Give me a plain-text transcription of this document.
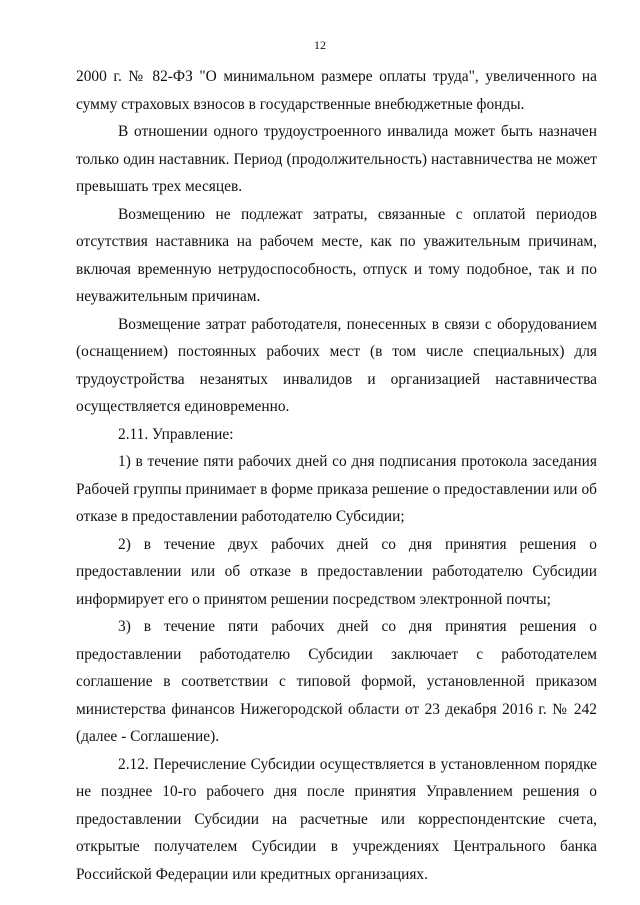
12

2000 г. № 82-ФЗ "О минимальном размере оплаты труда", увеличенного на сумму страховых взносов в государственные внебюджетные фонды.

В отношении одного трудоустроенного инвалида может быть назначен только один наставник. Период (продолжительность) наставничества не может превышать трех месяцев.

Возмещению не подлежат затраты, связанные с оплатой периодов отсутствия наставника на рабочем месте, как по уважительным причинам, включая временную нетрудоспособность, отпуск и тому подобное, так и по неуважительным причинам.

Возмещение затрат работодателя, понесенных в связи с оборудованием (оснащением) постоянных рабочих мест (в том числе специальных) для трудоустройства незанятых инвалидов и организацией наставничества осуществляется единовременно.

2.11. Управление:

1) в течение пяти рабочих дней со дня подписания протокола заседания Рабочей группы принимает в форме приказа решение о предоставлении или об отказе в предоставлении работодателю Субсидии;

2) в течение двух рабочих дней со дня принятия решения о предоставлении или об отказе в предоставлении работодателю Субсидии информирует его о принятом решении посредством электронной почты;

3) в течение пяти рабочих дней со дня принятия решения о предоставлении работодателю Субсидии заключает с работодателем соглашение в соответствии с типовой формой, установленной приказом министерства финансов Нижегородской области от 23 декабря 2016 г. № 242 (далее - Соглашение).

2.12. Перечисление Субсидии осуществляется в установленном порядке не позднее 10-го рабочего дня после принятия Управлением решения о предоставлении Субсидии на расчетные или корреспондентские счета, открытые получателем Субсидии в учреждениях Центрального банка Российской Федерации или кредитных организациях.
